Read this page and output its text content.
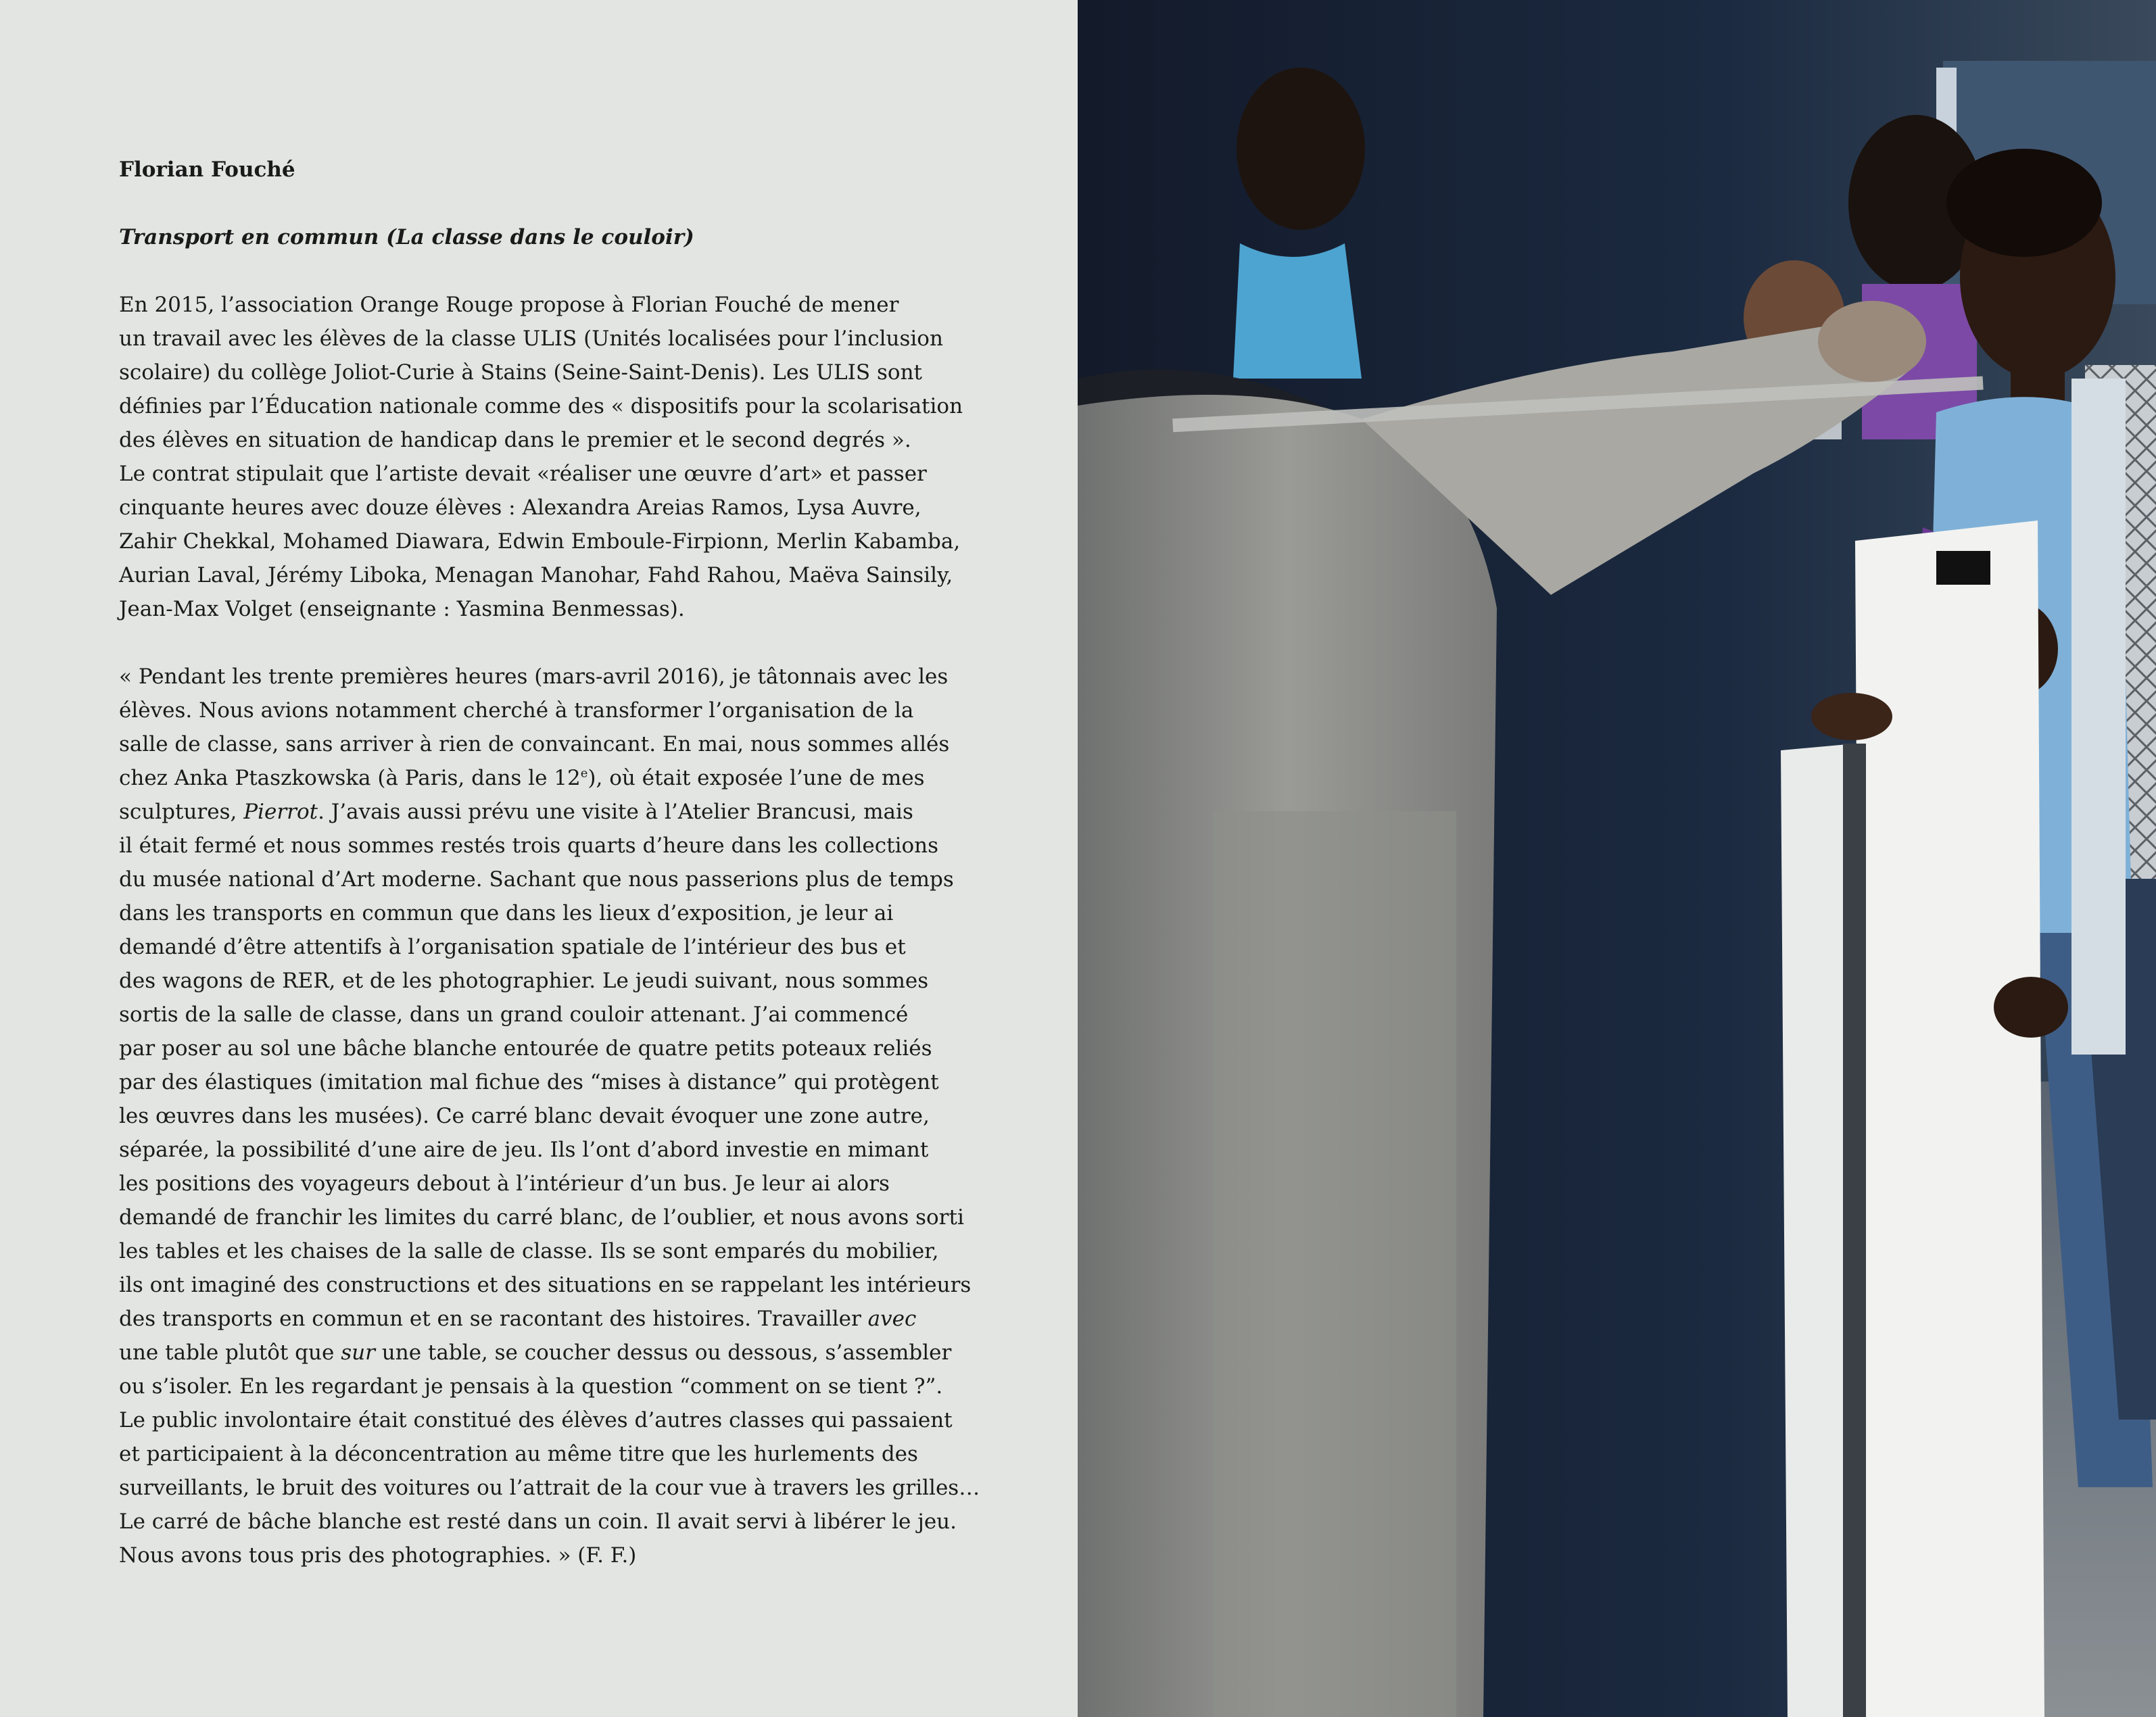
Florian Fouché
Transport en commun (La classe dans le couloir)
En 2015, l’association Orange Rouge propose à Florian Fouché de mener
un travail avec les élèves de la classe ULIS (Unités localisées pour l’inclusion
scolaire) du collège Joliot-Curie à Stains (Seine-Saint-Denis). Les ULIS sont
définies par l’Éducation nationale comme des « dispositifs pour la scolarisation
des élèves en situation de handicap dans le premier et le second degrés ».
Le contrat stipulait que l’artiste devait «réaliser une œuvre d’art» et passer
cinquante heures avec douze élèves : Alexandra Areias Ramos, Lysa Auvre,
Zahir Chekkal, Mohamed Diawara, Edwin Emboule-Firpionn, Merlin Kabamba,
Aurian Laval, Jérémy Liboka, Menagan Manohar, Fahd Rahou, Maëva Sainsily,
Jean-Max Volget (enseignante : Yasmina Benmessas).
« Pendant les trente premières heures (mars-avril 2016), je tâtonnais avec les
élèves. Nous avions notamment cherché à transformer l’organisation de la
salle de classe, sans arriver à rien de convaincant. En mai, nous sommes allés
chez Anka Ptaszkowska (à Paris, dans le 12e), où était exposée l’une de mes
sculptures, Pierrot. J’avais aussi prévu une visite à l’Atelier Brancusi, mais
il était fermé et nous sommes restés trois quarts d’heure dans les collections
du musée national d’Art moderne. Sachant que nous passerions plus de temps
dans les transports en commun que dans les lieux d’exposition, je leur ai
demandé d’être attentifs à l’organisation spatiale de l’intérieur des bus et
des wagons de RER, et de les photographier. Le jeudi suivant, nous sommes
sortis de la salle de classe, dans un grand couloir attenant. J’ai commencé
par poser au sol une bâche blanche entourée de quatre petits poteaux reliés
par des élastiques (imitation mal fichue des “mises à distance” qui protègent
les œuvres dans les musées). Ce carré blanc devait évoquer une zone autre,
séparée, la possibilité d’une aire de jeu. Ils l’ont d’abord investie en mimant
les positions des voyageurs debout à l’intérieur d’un bus. Je leur ai alors
demandé de franchir les limites du carré blanc, de l’oublier, et nous avons sorti
les tables et les chaises de la salle de classe. Ils se sont emparés du mobilier,
ils ont imaginé des constructions et des situations en se rappelant les intérieurs
des transports en commun et en se racontant des histoires. Travailler avec
une table plutôt que sur une table, se coucher dessus ou dessous, s’assembler
ou s’isoler. En les regardant je pensais à la question “comment on se tient ?”.
Le public involontaire était constitué des élèves d’autres classes qui passaient
et participaient à la déconcentration au même titre que les hurlements des
surveillants, le bruit des voitures ou l’attrait de la cour vue à travers les grilles…
Le carré de bâche blanche est resté dans un coin. Il avait servi à libérer le jeu.
Nous avons tous pris des photographies. » (F. F.)
